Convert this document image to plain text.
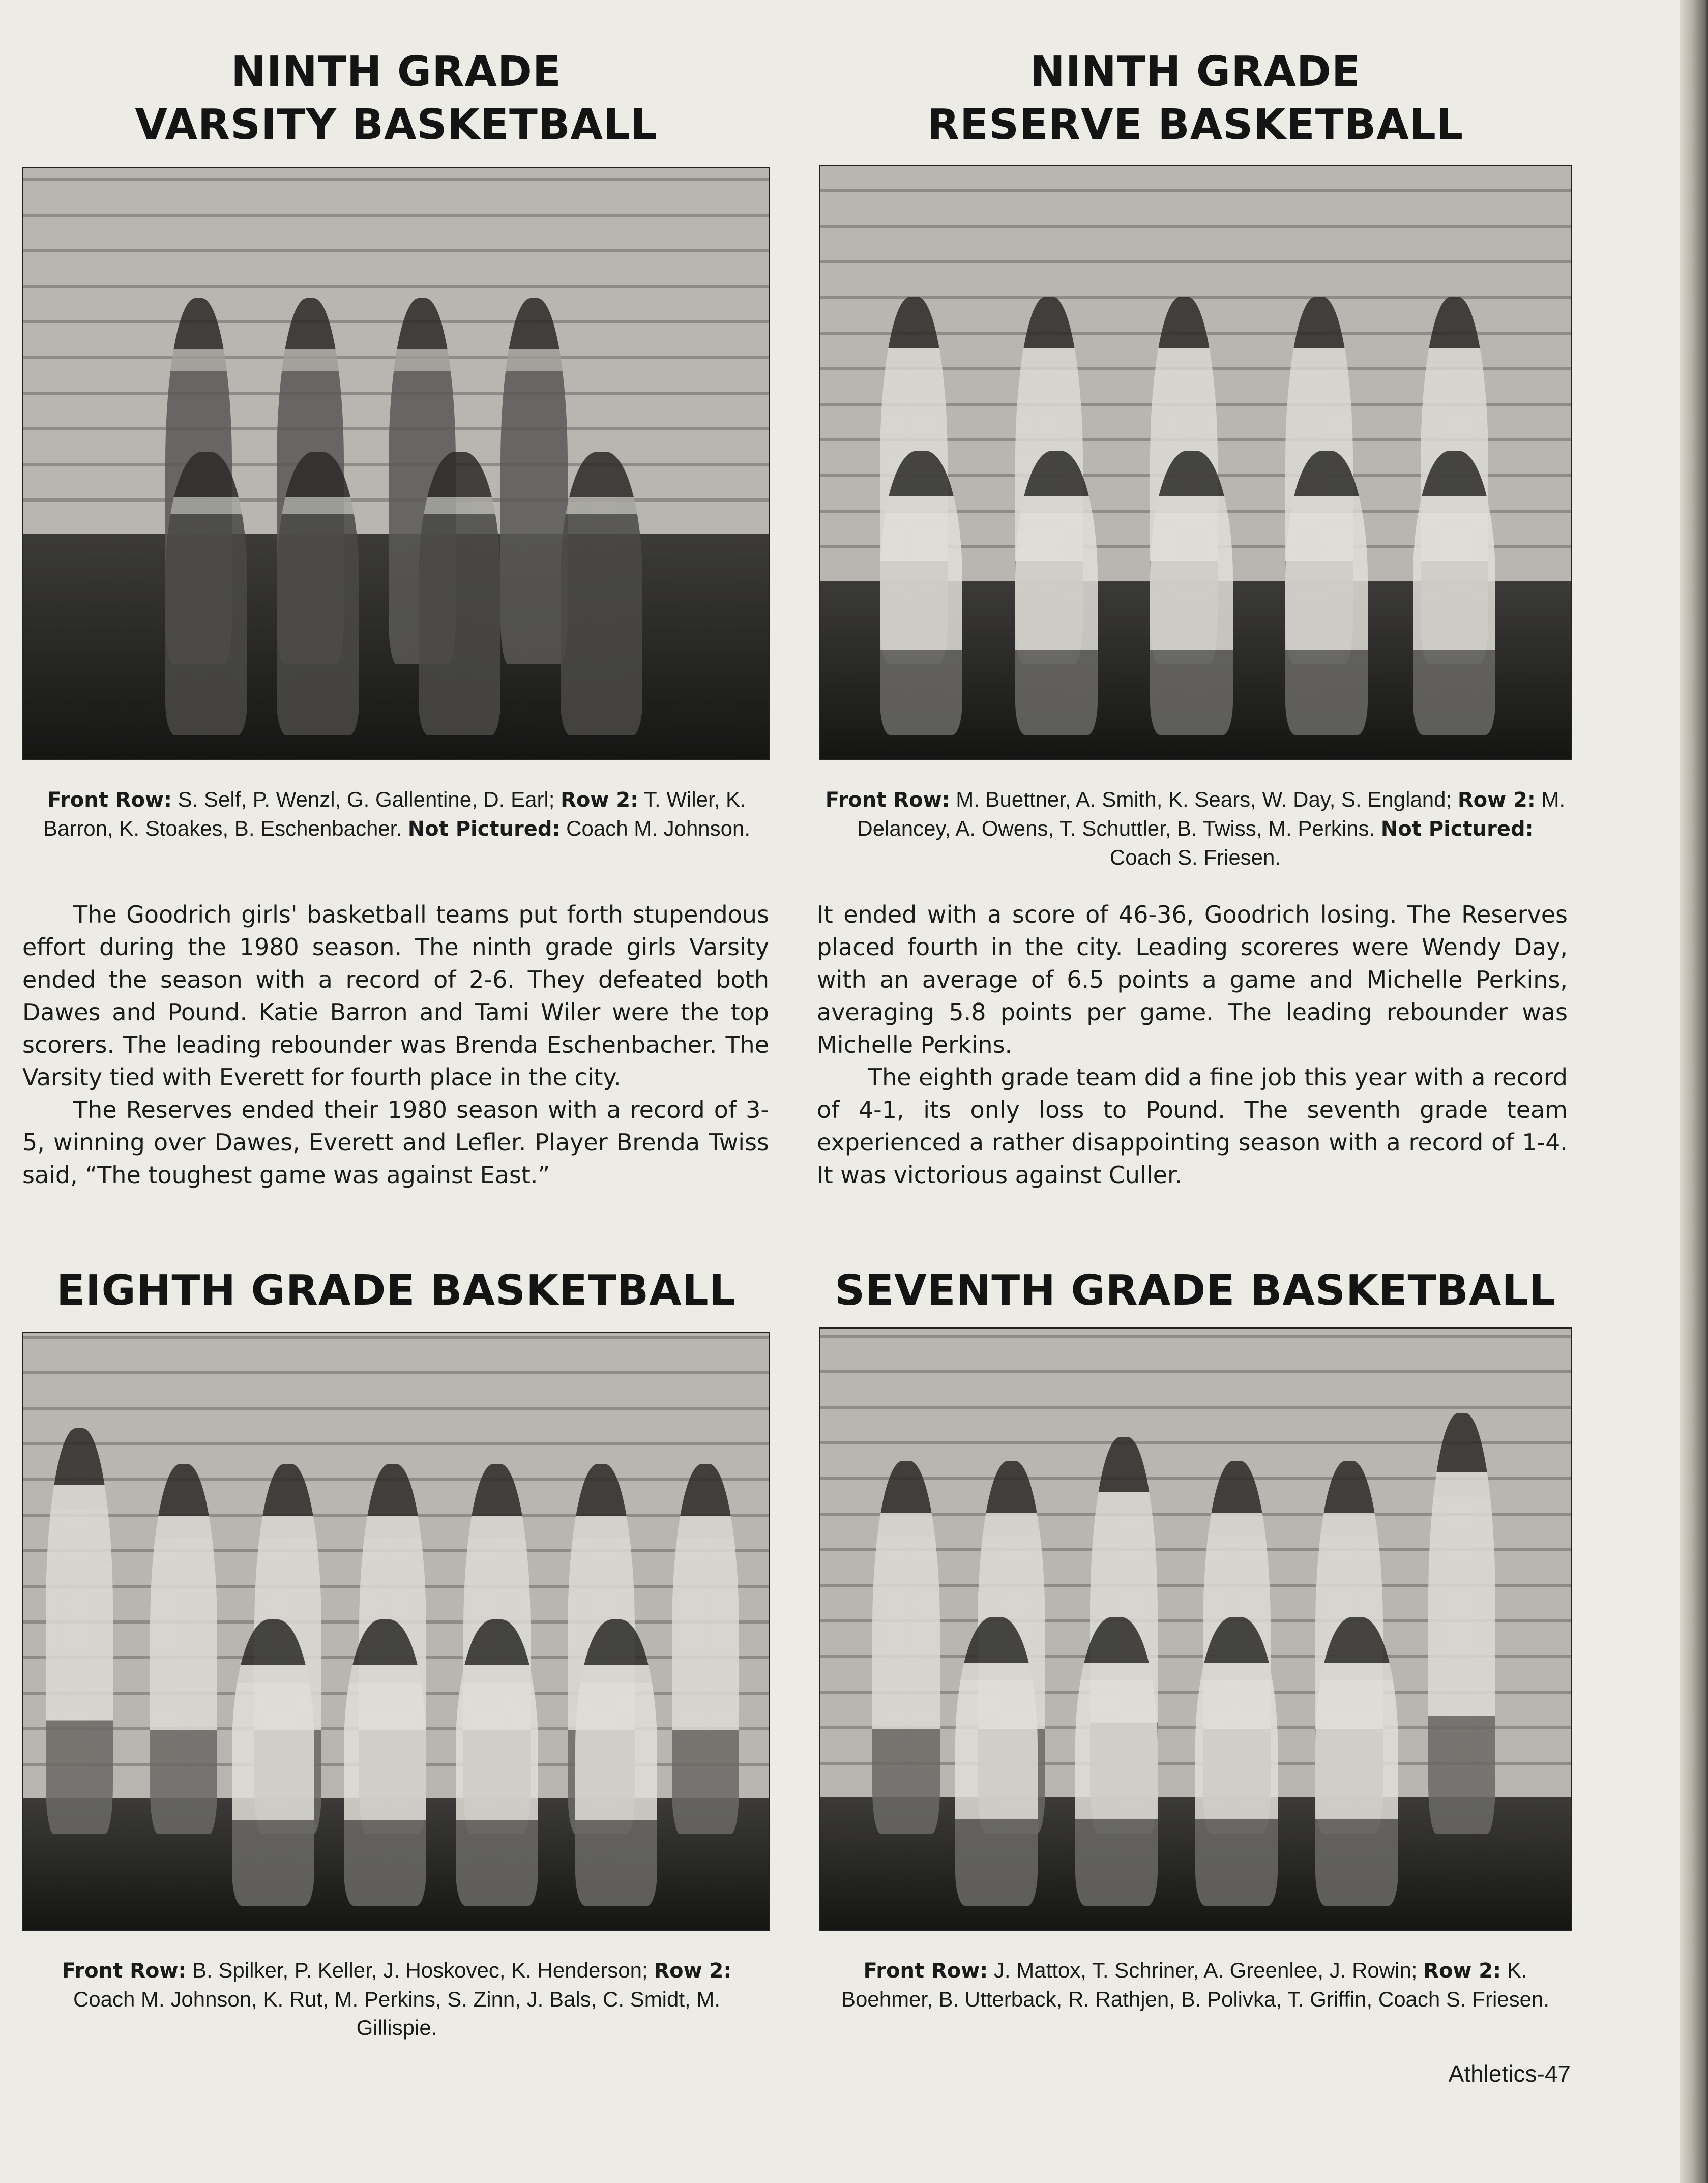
NINTH GRADE
VARSITY BASKETBALL
NINTH GRADE
RESERVE BASKETBALL
Front Row: S. Self, P. Wenzl, G. Gallentine, D. Earl; Row 2: T. Wiler, K. Barron, K. Stoakes, B. Eschenbacher. Not Pictured: Coach M. Johnson.
Front Row: M. Buettner, A. Smith, K. Sears, W. Day, S. England; Row 2: M. Delancey, A. Owens, T. Schuttler, B. Twiss, M. Perkins. Not Pictured: Coach S. Friesen.

The Goodrich girls' basketball teams put forth stupendous effort during the 1980 season. The ninth grade girls Varsity ended the season with a record of 2-6. They defeated both Dawes and Pound. Katie Barron and Tami Wiler were the top scorers. The leading rebounder was Brenda Eschenbacher. The Varsity tied with Everett for fourth place in the city.

The Reserves ended their 1980 season with a record of 3-5, winning over Dawes, Everett and Lefler. Player Brenda Twiss said, “The toughest game was against East.”

It ended with a score of 46-36, Goodrich losing. The Reserves placed fourth in the city. Leading scoreres were Wendy Day, with an average of 6.5 points a game and Michelle Perkins, averaging 5.8 points per game. The leading rebounder was Michelle Perkins.

The eighth grade team did a fine job this year with a record of 4-1, its only loss to Pound. The seventh grade team experienced a rather disappointing season with a record of 1-4. It was victorious against Culler.

EIGHTH GRADE BASKETBALL	SEVENTH GRADE BASKETBALL
Front Row: B. Spilker, P. Keller, J. Hoskovec, K. Henderson; Row 2: Coach M. Johnson, K. Rut, M. Perkins, S. Zinn, J. Bals, C. Smidt, M. Gillispie.
Front Row: J. Mattox, T. Schriner, A. Greenlee, J. Rowin; Row 2: K. Boehmer, B. Utterback, R. Rathjen, B. Polivka, T. Griffin, Coach S. Friesen.
Athletics-47
